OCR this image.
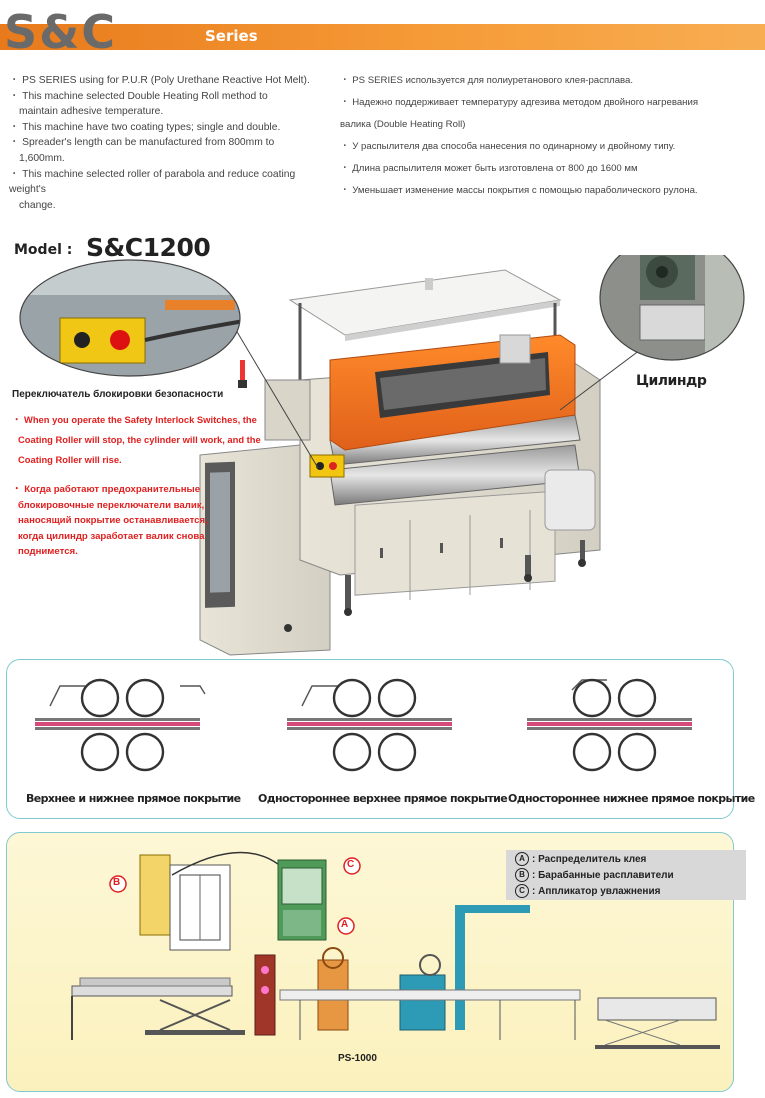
S&C	Series
・ PS SERIES using for P.U.R (Poly Urethane Reactive Hot Melt).
・ This machine selected Double Heating Roll method to
maintain adhesive temperature.
・ This machine have two coating types; single and double.
・ Spreader's length can be manufactured from 800mm to
1,600mm.
・ This machine selected roller of parabola and reduce coating
weight's
change.
・ PS SERIES используется для полиуретанового клея-расплава.
・ Надежно поддерживает температуру адгезива методом двойного нагревания
валика (Double Heating Roll)
・ У распылителя два способа нанесения по одинарному и двойному типу.
・ Длина распылителя может быть изготовлена от 800 до 1600 мм
・ Уменьшает изменение массы покрытия с помощью параболического рулона.
Model : S&C1200
Цилиндр
Переключатель блокировки безопасности
・ When you operate the Safety Interlock Switches, the
Coating Roller will stop, the cylinder will work, and the
Coating Roller will rise.
・ Когда работают предохранительные
блокировочные переключатели валик,
наносящий покрытие останавливается,
когда цилиндр заработает валик снова
поднимется.
Верхнее и нижнее прямое покрытие Одностороннее верхнее прямое покрытие Одностороннее нижнее прямое покрытие
B
C
A
A : Распределитель клея
B : Барабанные расплавители
C : Аппликатор увлажнения
PS-1000
